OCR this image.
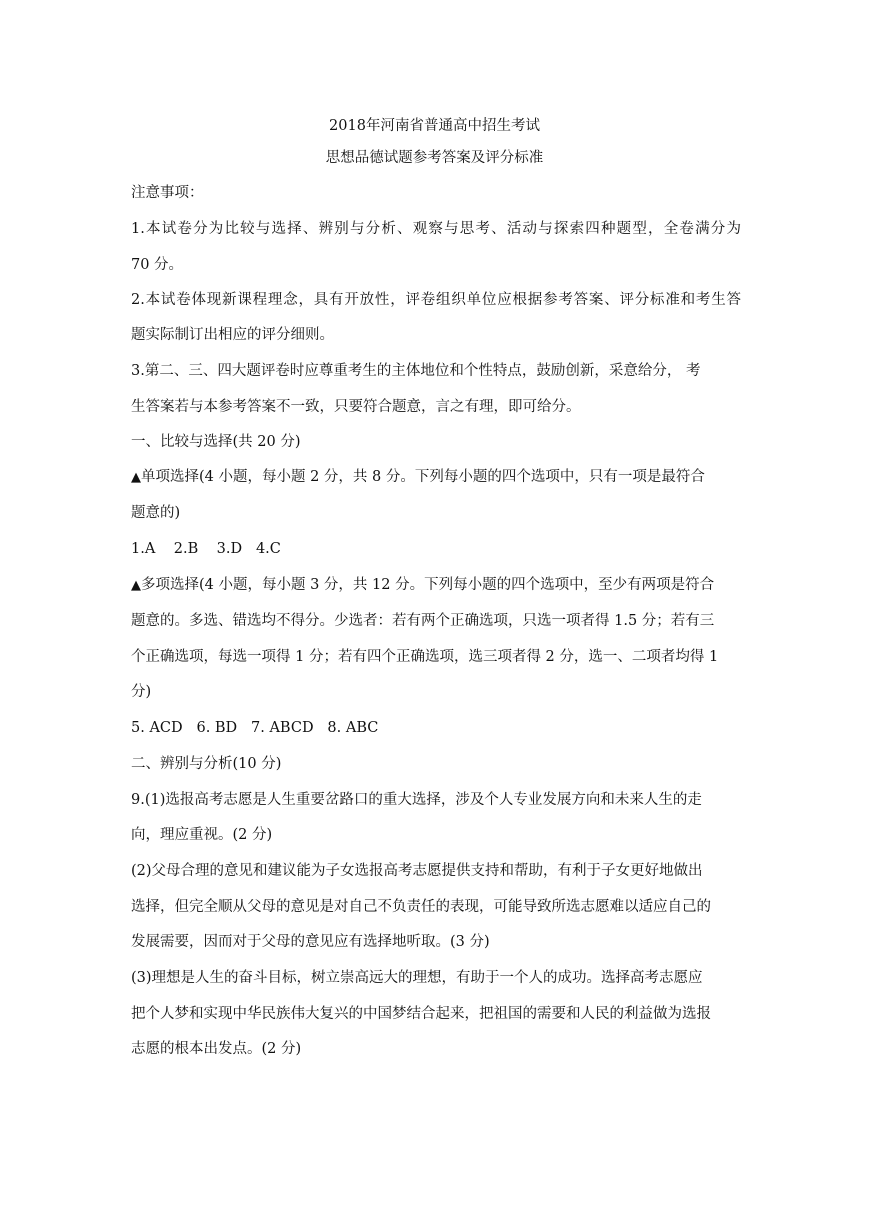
2018年河南省普通高中招生考试
思想品德试题参考答案及评分标准
注意事项：
1.本试卷分为比较与选择、辨别与分析、观察与思考、活动与探索四种题型，全卷满分为
70 分。
2.本试卷体现新课程理念，具有开放性，评卷组织单位应根据参考答案、评分标准和考生答
题实际制订出相应的评分细则。
3.第二、三、四大题评卷时应尊重考生的主体地位和个性特点，鼓励创新，采意给分， 考
生答案若与本参考答案不一致，只要符合题意，言之有理，即可给分。
一、比较与选择(共 20 分)
▲单项选择(4 小题，每小题 2 分，共 8 分。下列每小题的四个选项中，只有一项是最符合
题意的)
1.A    2.B    3.D   4.C
▲多项选择(4 小题，每小题 3 分，共 12 分。下列每小题的四个选项中，至少有两项是符合
题意的。多选、错选均不得分。少选者：若有两个正确选项，只选一项者得 1.5 分；若有三
个正确选项，每选一项得 1 分；若有四个正确选项，选三项者得 2 分，选一、二项者均得 1
分)
5. ACD   6. BD   7. ABCD   8. ABC
二、辨别与分析(10 分)
9.(1)选报高考志愿是人生重要岔路口的重大选择，涉及个人专业发展方向和未来人生的走
向，理应重视。(2 分)
(2)父母合理的意见和建议能为子女选报高考志愿提供支持和帮助，有利于子女更好地做出
选择，但完全顺从父母的意见是对自己不负责任的表现，可能导致所选志愿难以适应自己的
发展需要，因而对于父母的意见应有选择地听取。(3 分)
(3)理想是人生的奋斗目标，树立崇高远大的理想，有助于一个人的成功。选择高考志愿应
把个人梦和实现中华民族伟大复兴的中国梦结合起来，把祖国的需要和人民的利益做为选报
志愿的根本出发点。(2 分)
